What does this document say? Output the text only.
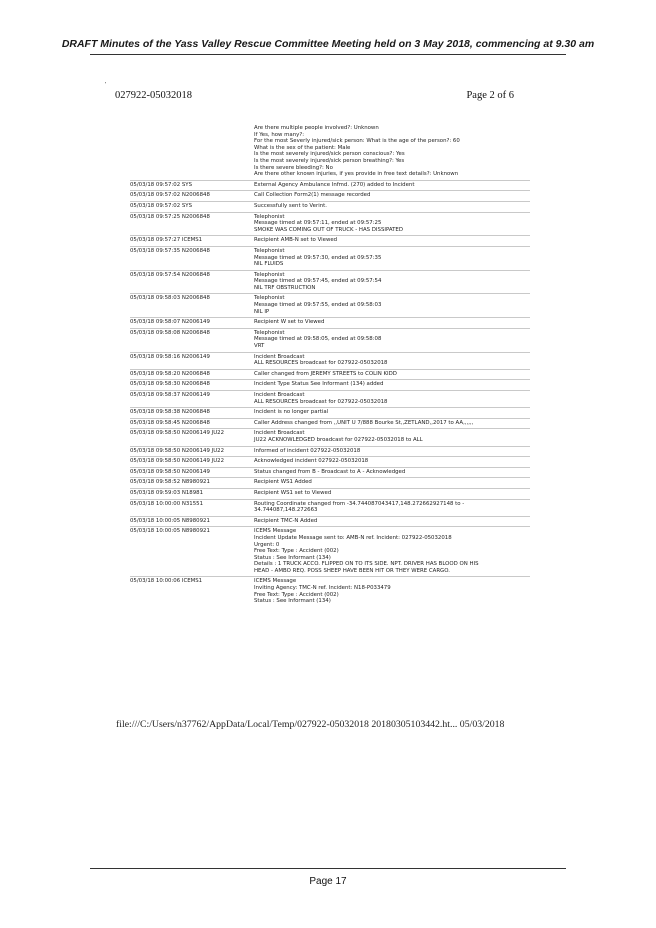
DRAFT Minutes of the Yass Valley Rescue Committee Meeting held on 3 May 2018, commencing at 9.30 am
'
027922-05032018	Page 2 of 6
Are there multiple people involved?: Unknown
If Yes, how many?:
For the most Severly injured/sick person: What is the age of the person?: 60
What is the sex of the patient: Male
Is the most severely injured/sick person conscious?: Yes
Is the most severely injured/sick person breathing?: Yes
Is there severe bleeding?: No
Are there other known injuries, if yes provide in free text details?: Unknown
05/03/18 09:57:02 SYS	External Agency Ambulance Infmd. (270) added to Incident
05/03/18 09:57:02 N2006848	Call Collection Form2(1) message recorded
05/03/18 09:57:02 SYS	Successfully sent to Verint.
05/03/18 09:57:25 N2006848	Telephonist
Message timed at 09:57:11, ended at 09:57:25
SMOKE WAS COMING OUT OF TRUCK - HAS DISSIPATED
05/03/18 09:57:27 ICEMS1	Recipient AMB-N set to Viewed
05/03/18 09:57:35 N2006848	Telephonist
Message timed at 09:57:30, ended at 09:57:35
NIL FLUIDS
05/03/18 09:57:54 N2006848	Telephonist
Message timed at 09:57:45, ended at 09:57:54
NIL TRF OBSTRUCTION
05/03/18 09:58:03 N2006848	Telephonist
Message timed at 09:57:55, ended at 09:58:03
NIL IP
05/03/18 09:58:07 N2006149	Recipient W set to Viewed
05/03/18 09:58:08 N2006848	Telephonist
Message timed at 09:58:05, ended at 09:58:08
VRT
05/03/18 09:58:16 N2006149	Incident Broadcast
ALL RESOURCES broadcast for 027922-05032018
05/03/18 09:58:20 N2006848	Caller changed from JEREMY STREETS to COLIN KIDD
05/03/18 09:58:30 N2006848	Incident Type Status See Informant (134) added
05/03/18 09:58:37 N2006149	Incident Broadcast
ALL RESOURCES broadcast for 027922-05032018
05/03/18 09:58:38 N2006848	Incident is no longer partial
05/03/18 09:58:45 N2006848	Caller Address changed from ,,UNIT U 7/888 Bourke St,,ZETLAND,,2017 to AA,,,,,,
05/03/18 09:58:50 N2006149 JU22	Incident Broadcast
JU22 ACKNOWLEDGED broadcast for 027922-05032018 to ALL
05/03/18 09:58:50 N2006149 JU22	Informed of incident 027922-05032018
05/03/18 09:58:50 N2006149 JU22	Acknowledged incident 027922-05032018
05/03/18 09:58:50 N2006149	Status changed from B - Broadcast to A - Acknowledged
05/03/18 09:58:52 N8980921	Recipient WS1 Added
05/03/18 09:59:03 N18981	Recipient WS1 set to Viewed
05/03/18 10:00:00 N31551	Routing Coordinate changed from -34.744087043417,148.272662927148 to -
34.744087,148.272663
05/03/18 10:00:05 N8980921	Recipient TMC-N Added
05/03/18 10:00:05 N8980921	ICEMS Message
Incident Update Message sent to: AMB-N ref. Incident: 027922-05032018
Urgent: 0
Free Text: Type : Accident (002)
Status : See Informant (134)
Details : 1 TRUCK ACCO. FLIPPED ON TO ITS SIDE. NPT. DRIVER HAS BLOOD ON HIS
HEAD - AMBO REQ. POSS SHEEP HAVE BEEN HIT OR THEY WERE CARGO.
05/03/18 10:00:06 ICEMS1	ICEMS Message
Inviting Agency: TMC-N ref. Incident: N18-P033479
Free Text: Type : Accident (002)
Status : See Informant (134)
file:///C:/Users/n37762/AppData/Local/Temp/027922-05032018 20180305103442.ht... 05/03/2018
Page 17
